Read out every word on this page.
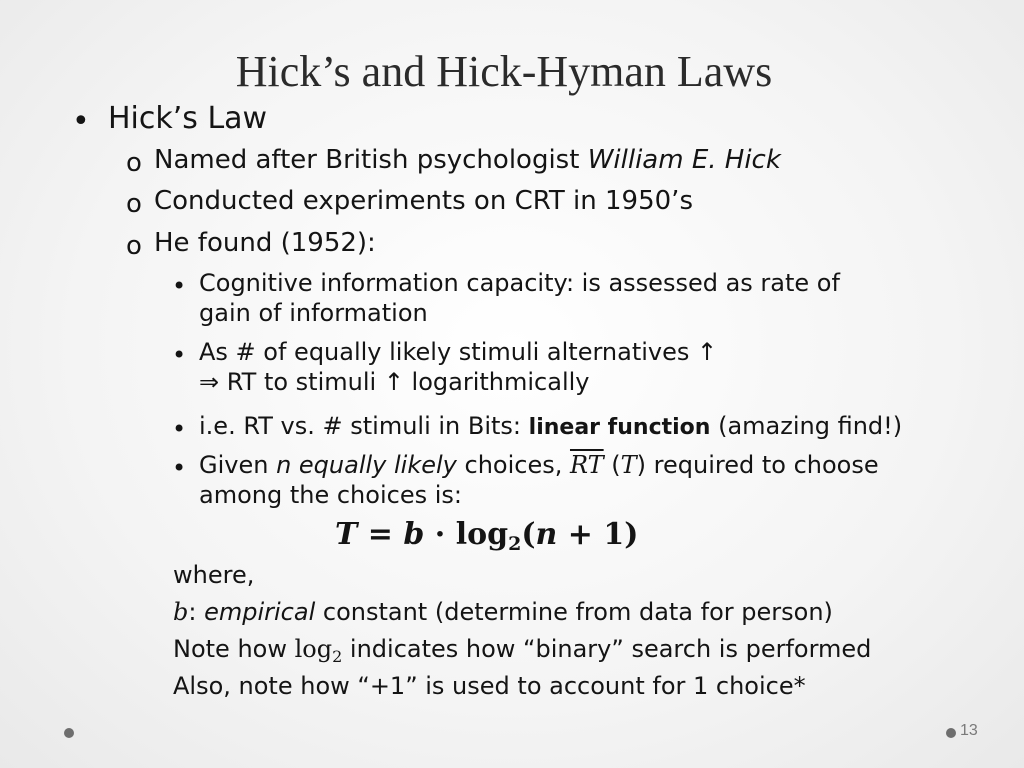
Hick’s and Hick-Hyman Laws
• Hick’s Law
o Named after British psychologist William E. Hick
o Conducted experiments on CRT in 1950’s
o He found (1952):
• Cognitive information capacity: is assessed as rate of
gain of information
• As # of equally likely stimuli alternatives ↑
⇒ RT to stimuli ↑ logarithmically
• i.e. RT vs. # stimuli in Bits: linear function (amazing find!)
• Given n equally likely choices, $\overline{RT}$ (T) required to choose
among the choices is:
$T = b \cdot \log_2(n + 1)$
where,
b: empirical constant (determine from data for person)
Note how $\log_2$ indicates how “binary” search is performed
Also, note how “+1” is used to account for 1 choice*
13
